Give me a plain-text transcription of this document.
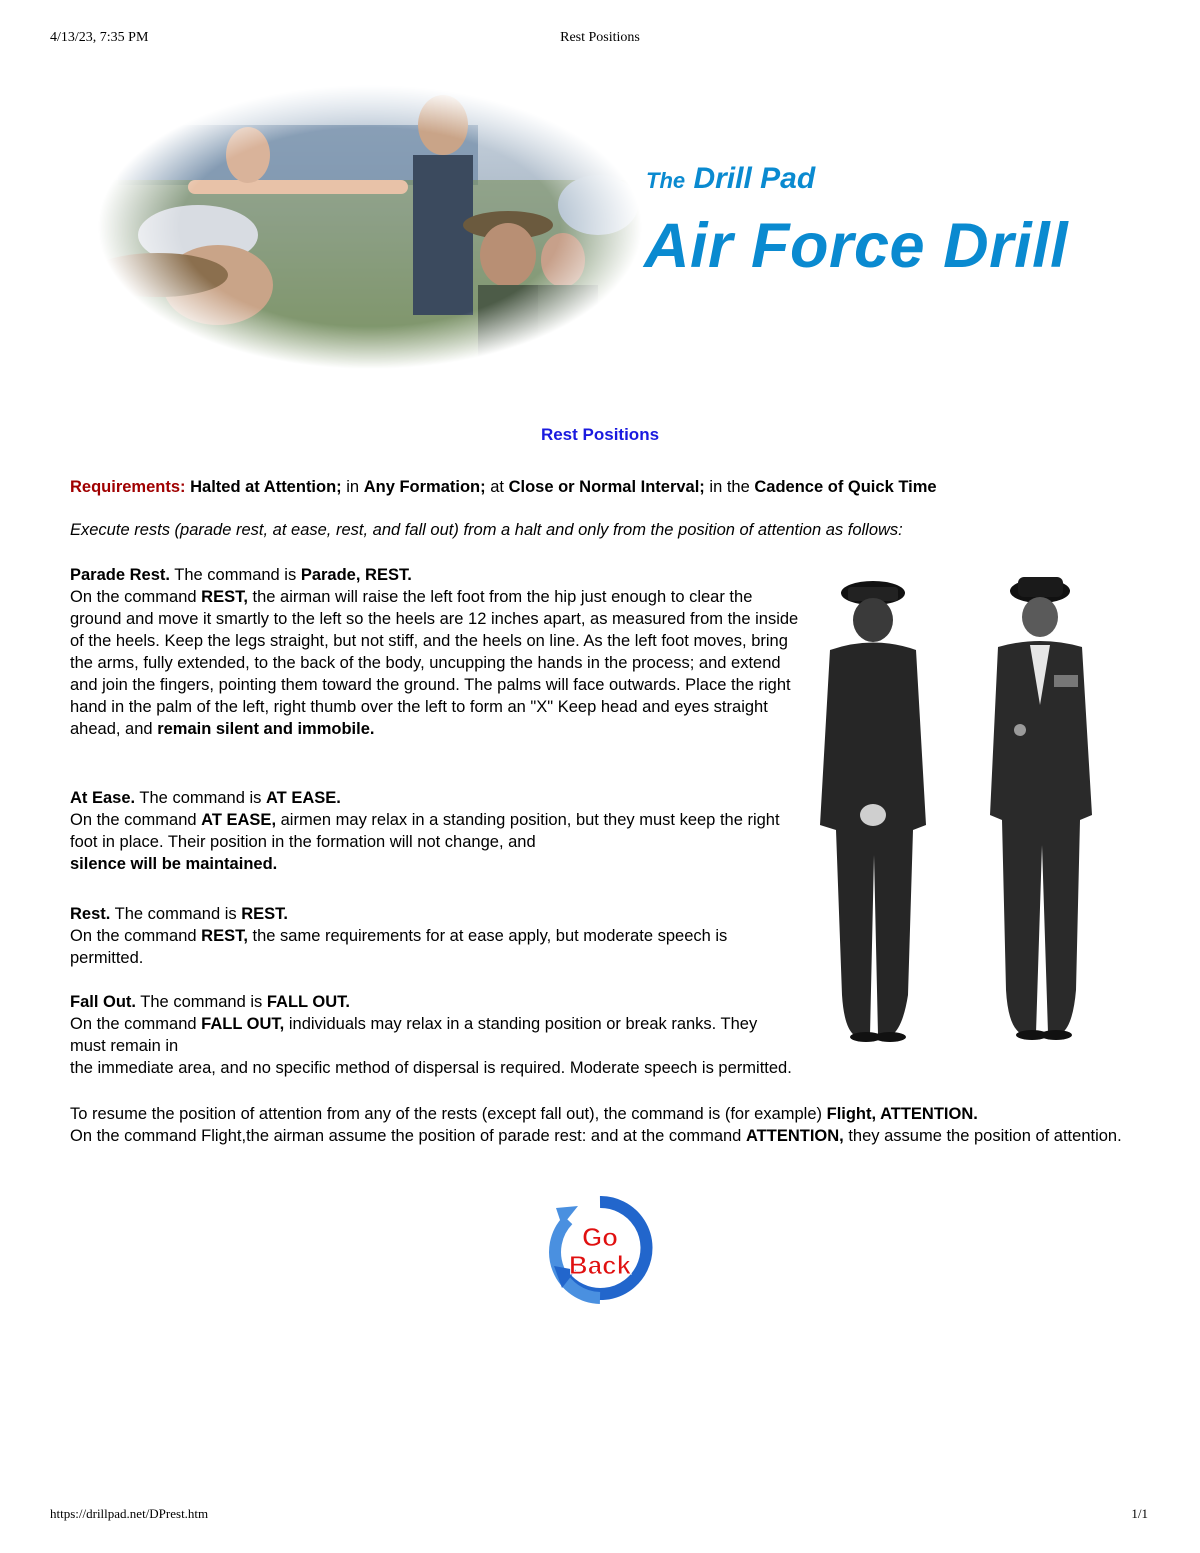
4/13/23, 7:35 PM	Rest Positions
The Drill Pad
Air Force Drill
Rest Positions
Requirements: Halted at Attention; in Any Formation; at Close or Normal Interval; in the Cadence of Quick Time
Execute rests (parade rest, at ease, rest, and fall out) from a halt and only from the position of attention as follows:
Parade Rest. The command is Parade, REST.
On the command REST, the airman will raise the left foot from the hip just enough to clear the ground and move it smartly to the left so the heels are 12 inches apart, as measured from the inside of the heels. Keep the legs straight, but not stiff, and the heels on line. As the left foot moves, bring the arms, fully extended, to the back of the body, uncupping the hands in the process; and extend and join the fingers, pointing them toward the ground. The palms will face outwards. Place the right hand in the palm of the left, right thumb over the left to form an "X" Keep head and eyes straight ahead, and remain silent and immobile.
At Ease. The command is AT EASE.
On the command AT EASE, airmen may relax in a standing position, but they must keep the right foot in place. Their position in the formation will not change, and
silence will be maintained.
Rest. The command is REST.
On the command REST, the same requirements for at ease apply, but moderate speech is permitted.
Fall Out. The command is FALL OUT.
On the command FALL OUT, individuals may relax in a standing position or break ranks. They must remain in
the immediate area, and no specific method of dispersal is required. Moderate speech is permitted.
To resume the position of attention from any of the rests (except fall out), the command is (for example) Flight, ATTENTION.
On the command Flight,the airman assume the position of parade rest: and at the command ATTENTION, they assume the position of attention.
Go
Back
https://drillpad.net/DPrest.htm	1/1
